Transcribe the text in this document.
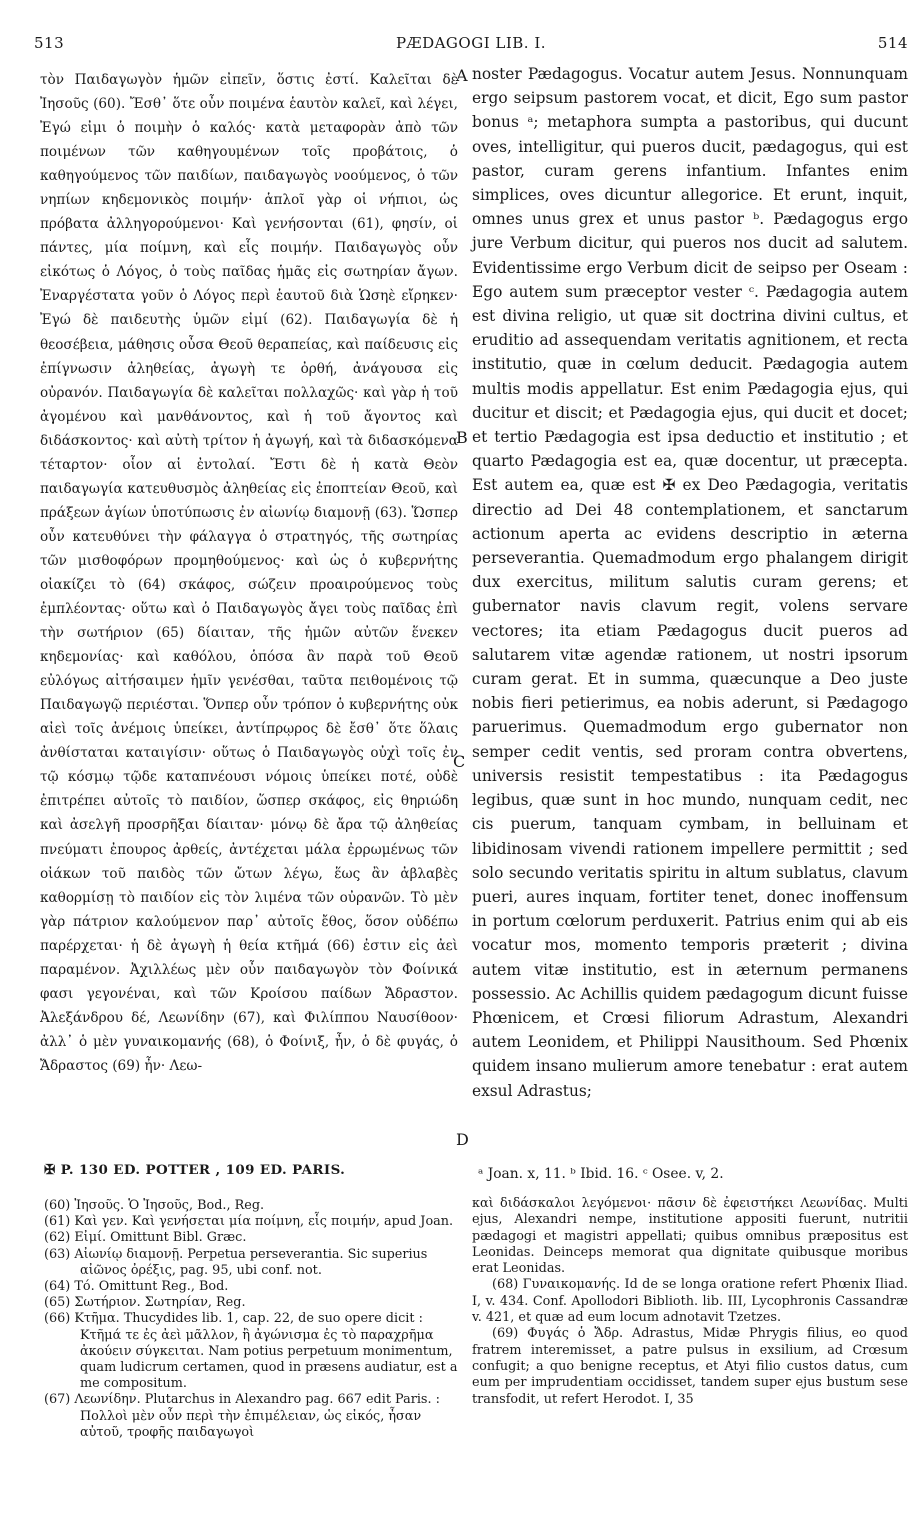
513	PÆDAGOGI LIB. I.	514

τὸν Παιδαγωγὸν ἡμῶν εἰπεῖν, ὅστις ἐστί. Καλεῖται δὲ Ἰησοῦς (60). Ἔσθ᾽ ὅτε οὖν ποιμένα ἑαυτὸν καλεῖ, καὶ λέγει, Ἐγώ εἰμι ὁ ποιμὴν ὁ καλός· κατὰ μεταφορὰν ἀπὸ τῶν ποιμένων τῶν καθηγουμένων τοῖς προβάτοις, ὁ καθηγούμενος τῶν παιδίων, παιδαγωγὸς νοούμενος, ὁ τῶν νηπίων κηδεμονικὸς ποιμήν· ἁπλοῖ γὰρ οἱ νήπιοι, ὡς πρόβατα ἀλληγορούμενοι· Καὶ γενήσονται (61), φησίν, οἱ πάντες, μία ποίμνη, καὶ εἷς ποιμήν. Παιδαγωγὸς οὖν εἰκότως ὁ Λόγος, ὁ τοὺς παῖδας ἡμᾶς εἰς σωτηρίαν ἄγων. Ἐναργέστατα γοῦν ὁ Λόγος περὶ ἑαυτοῦ διὰ Ὡσηὲ εἴρηκεν· Ἐγώ δὲ παιδευτὴς ὑμῶν εἰμί (62). Παιδαγωγία δὲ ἡ θεοσέβεια, μάθησις οὖσα Θεοῦ θεραπείας, καὶ παίδευσις εἰς ἐπίγνωσιν ἀληθείας, ἀγωγὴ τε ὀρθή, ἀνάγουσα εἰς οὐρανόν. Παιδαγωγία δὲ καλεῖται πολλαχῶς· καὶ γὰρ ἡ τοῦ ἀγομένου καὶ μανθάνοντος, καὶ ἡ τοῦ ἄγοντος καὶ διδάσκοντος· καὶ αὐτὴ τρίτον ἡ ἀγωγή, καὶ τὰ διδασκόμενα τέταρτον· οἷον αἱ ἐντολαί. Ἔστι δὲ ἡ κατὰ Θεὸν παιδαγωγία κατευθυσμὸς ἀληθείας εἰς ἐποπτείαν Θεοῦ, καὶ πράξεων ἁγίων ὑποτύπωσις ἐν αἰωνίῳ διαμονῇ (63). Ὥσπερ οὖν κατευθύνει τὴν φάλαγγα ὁ στρατηγός, τῆς σωτηρίας τῶν μισθοφόρων προμηθούμενος· καὶ ὡς ὁ κυβερνήτης οἰακίζει τὸ (64) σκάφος, σώζειν προαιρούμενος τοὺς ἐμπλέοντας· οὕτω καὶ ὁ Παιδαγωγὸς ἄγει τοὺς παῖδας ἐπὶ τὴν σωτήριον (65) δίαιταν, τῆς ἡμῶν αὐτῶν ἕνεκεν κηδεμονίας· καὶ καθόλου, ὁπόσα ἂν παρὰ τοῦ Θεοῦ εὐλόγως αἰτήσαιμεν ἡμῖν γενέσθαι, ταῦτα πειθομένοις τῷ Παιδαγωγῷ περιέσται. Ὅνπερ οὖν τρόπον ὁ κυβερνήτης οὐκ αἰεὶ τοῖς ἀνέμοις ὑπείκει, ἀντίπρῳρος δὲ ἔσθ᾽ ὅτε ὅλαις ἀνθίσταται καταιγίσιν· οὕτως ὁ Παιδαγωγὸς οὐχὶ τοῖς ἐν τῷ κόσμῳ τῷδε καταπνέουσι νόμοις ὑπείκει ποτέ, οὐδὲ ἐπιτρέπει αὐτοῖς τὸ παιδίον, ὥσπερ σκάφος, εἰς θηριώδη καὶ ἀσελγῆ προσρῆξαι δίαιταν· μόνῳ δὲ ἄρα τῷ ἀληθείας πνεύματι ἐπουρος ἀρθείς, ἀντέχεται μάλα ἐρρωμένως τῶν οἰάκων τοῦ παιδὸς τῶν ὤτων λέγω, ἕως ἂν ἀβλαβὲς καθορμίσῃ τὸ παιδίον εἰς τὸν λιμένα τῶν οὐρανῶν. Τὸ μὲν γὰρ πάτριον καλούμενον παρ᾽ αὐτοῖς ἔθος, ὅσον οὐδέπω παρέρχεται· ἡ δὲ ἀγωγὴ ἡ θεία κτῆμά (66) ἐστιν εἰς ἀεὶ παραμένον. Ἀχιλλέως μὲν οὖν παιδαγωγὸν τὸν Φοίνικά φασι γεγονέναι, καὶ τῶν Κροίσου παίδων Ἄδραστον. Ἀλεξάνδρου δέ, Λεωνίδην (67), καὶ Φιλίππου Ναυσίθοον· ἀλλ᾽ ὁ μὲν γυναικομανής (68), ὁ Φοίνιξ, ἦν, ὁ δὲ φυγάς, ὁ Ἄδραστος (69) ἦν· Λεω-

A
B
C
D

noster Pædagogus. Vocatur autem Jesus. Nonnunquam ergo seipsum pastorem vocat, et dicit, Ego sum pastor bonus ᵃ; metaphora sumpta a pastoribus, qui ducunt oves, intelligitur, qui pueros ducit, pædagogus, qui est pastor, curam gerens infantium. Infantes enim simplices, oves dicuntur allegorice. Et erunt, inquit, omnes unus grex et unus pastor ᵇ. Pædagogus ergo jure Verbum dicitur, qui pueros nos ducit ad salutem. Evidentissime ergo Verbum dicit de seipso per Oseam : Ego autem sum præceptor vester ᶜ. Pædagogia autem est divina religio, ut quæ sit doctrina divini cultus, et eruditio ad assequendam veritatis agnitionem, et recta institutio, quæ in cœlum deducit. Pædagogia autem multis modis appellatur. Est enim Pædagogia ejus, qui ducitur et discit; et Pædagogia ejus, qui ducit et docet; et tertio Pædagogia est ipsa deductio et institutio ; et quarto Pædagogia est ea, quæ docentur, ut præcepta. Est autem ea, quæ est ✠ ex Deo Pædagogia, veritatis directio ad Dei 48 contemplationem, et sanctarum actionum aperta ac evidens descriptio in æterna perseverantia. Quemadmodum ergo phalangem dirigit dux exercitus, militum salutis curam gerens; et gubernator navis clavum regit, volens servare vectores; ita etiam Pædagogus ducit pueros ad salutarem vitæ agendæ rationem, ut nostri ipsorum curam gerat. Et in summa, quæcunque a Deo juste nobis fieri petierimus, ea nobis aderunt, si Pædagogo paruerimus. Quemadmodum ergo gubernator non semper cedit ventis, sed proram contra obvertens, universis resistit tempestatibus : ita Pædagogus legibus, quæ sunt in hoc mundo, nunquam cedit, nec cis puerum, tanquam cymbam, in belluinam et libidinosam vivendi rationem impellere permittit ; sed solo secundo veritatis spiritu in altum sublatus, clavum pueri, aures inquam, fortiter tenet, donec inoffensum in portum cœlorum perduxerit. Patrius enim qui ab eis vocatur mos, momento temporis præterit ; divina autem vitæ institutio, est in æternum permanens possessio. Ac Achillis quidem pædagogum dicunt fuisse Phœnicem, et Crœsi filiorum Adrastum, Alexandri autem Leonidem, et Philippi Nausithoum. Sed Phœnix quidem insano mulierum amore tenebatur : erat autem exsul Adrastus;

✠ P. 130 ED. POTTER , 109 ED. PARIS.	ᵃ Joan. x, 11. ᵇ Ibid. 16. ᶜ Osee. v, 2.

(60) Ἰησοῦς. Ὁ Ἰησοῦς, Bod., Reg.

(61) Καὶ γεν. Καὶ γενήσεται μία ποίμνη, εἷς ποιμήν, apud Joan.

(62) Εἰμί. Omittunt Bibl. Græc.

(63) Αἰωνίῳ διαμονῇ. Perpetua perseverantia. Sic superius αἰῶνος ὀρέξις, pag. 95, ubi conf. not.

(64) Τό. Omittunt Reg., Bod.

(65) Σωτήριον. Σωτηρίαν, Reg.

(66) Κτῆμα. Thucydides lib. 1, cap. 22, de suo opere dicit : Κτῆμά τε ἐς ἀεὶ μᾶλλον, ἢ ἀγώνισμα ἐς τὸ παραχρῆμα ἀκούειν σύγκειται. Nam potius perpetuum monimentum, quam ludicrum certamen, quod in præsens audiatur, est a me compositum.

(67) Λεωνίδην. Plutarchus in Alexandro pag. 667 edit Paris. : Πολλοὶ μὲν οὖν περὶ τὴν ἐπιμέλειαν, ὡς εἰκός, ἦσαν αὐτοῦ, τροφῆς παιδαγωγοὶ

καὶ διδάσκαλοι λεγόμενοι· πᾶσιν δὲ ἐφειστήκει Λεωνίδας. Multi ejus, Alexandri nempe, institutione appositi fuerunt, nutritii pædagogi et magistri appellati; quibus omnibus præpositus est Leonidas. Deinceps memorat qua dignitate quibusque moribus erat Leonidas.

(68) Γυναικομανής. Id de se longa oratione refert Phœnix Iliad. I, v. 434. Conf. Apollodori Biblioth. lib. III, Lycophronis Cassandræ v. 421, et quæ ad eum locum adnotavit Tzetzes.

(69) Φυγάς ὁ Ἄδρ. Adrastus, Midæ Phrygis filius, eo quod fratrem interemisset, a patre pulsus in exsilium, ad Crœsum confugit; a quo benigne receptus, et Atyi filio custos datus, cum eum per imprudentiam occidisset, tandem super ejus bustum sese transfodit, ut refert Herodot. I, 35
